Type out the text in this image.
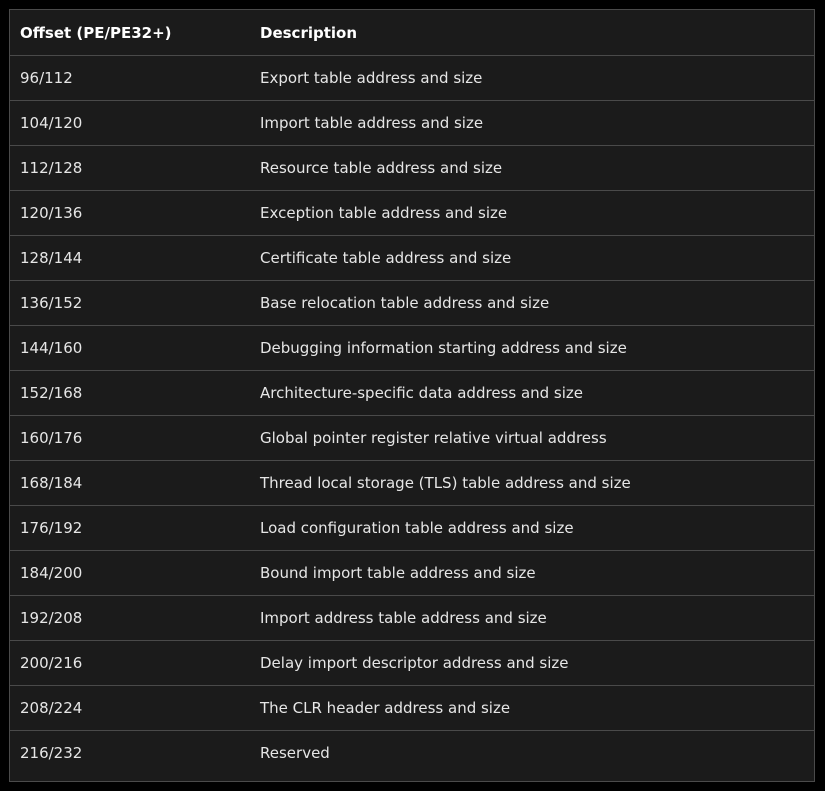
Offset (PE/PE32+)	Description
96/112	Export table address and size
104/120	Import table address and size
112/128	Resource table address and size
120/136	Exception table address and size
128/144	Certificate table address and size
136/152	Base relocation table address and size
144/160	Debugging information starting address and size
152/168	Architecture-specific data address and size
160/176	Global pointer register relative virtual address
168/184	Thread local storage (TLS) table address and size
176/192	Load configuration table address and size
184/200	Bound import table address and size
192/208	Import address table address and size
200/216	Delay import descriptor address and size
208/224	The CLR header address and size
216/232	Reserved
